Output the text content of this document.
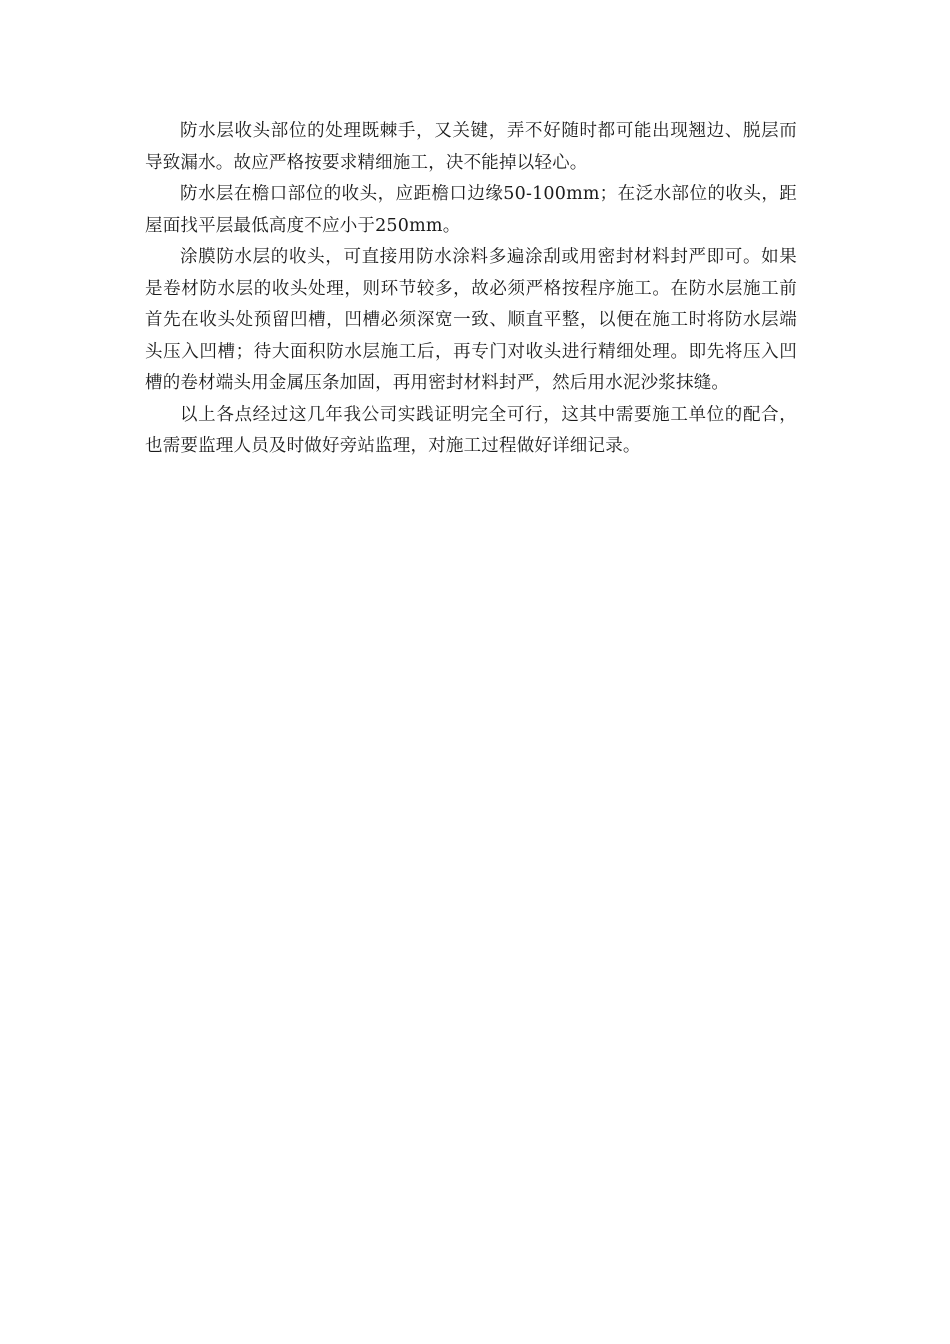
防水层收头部位的处理既棘手，又关键，弄不好随时都可能出现翘边、脱层而导致漏水。故应严格按要求精细施工，决不能掉以轻心。

防水层在檐口部位的收头，应距檐口边缘50-100mm；在泛水部位的收头，距屋面找平层最低高度不应小于250mm。

涂膜防水层的收头，可直接用防水涂料多遍涂刮或用密封材料封严即可。如果是卷材防水层的收头处理，则环节较多，故必须严格按程序施工。在防水层施工前首先在收头处预留凹槽，凹槽必须深宽一致、顺直平整，以便在施工时将防水层端头压入凹槽；待大面积防水层施工后，再专门对收头进行精细处理。即先将压入凹槽的卷材端头用金属压条加固，再用密封材料封严，然后用水泥沙浆抹缝。

以上各点经过这几年我公司实践证明完全可行，这其中需要施工单位的配合，也需要监理人员及时做好旁站监理，对施工过程做好详细记录。
